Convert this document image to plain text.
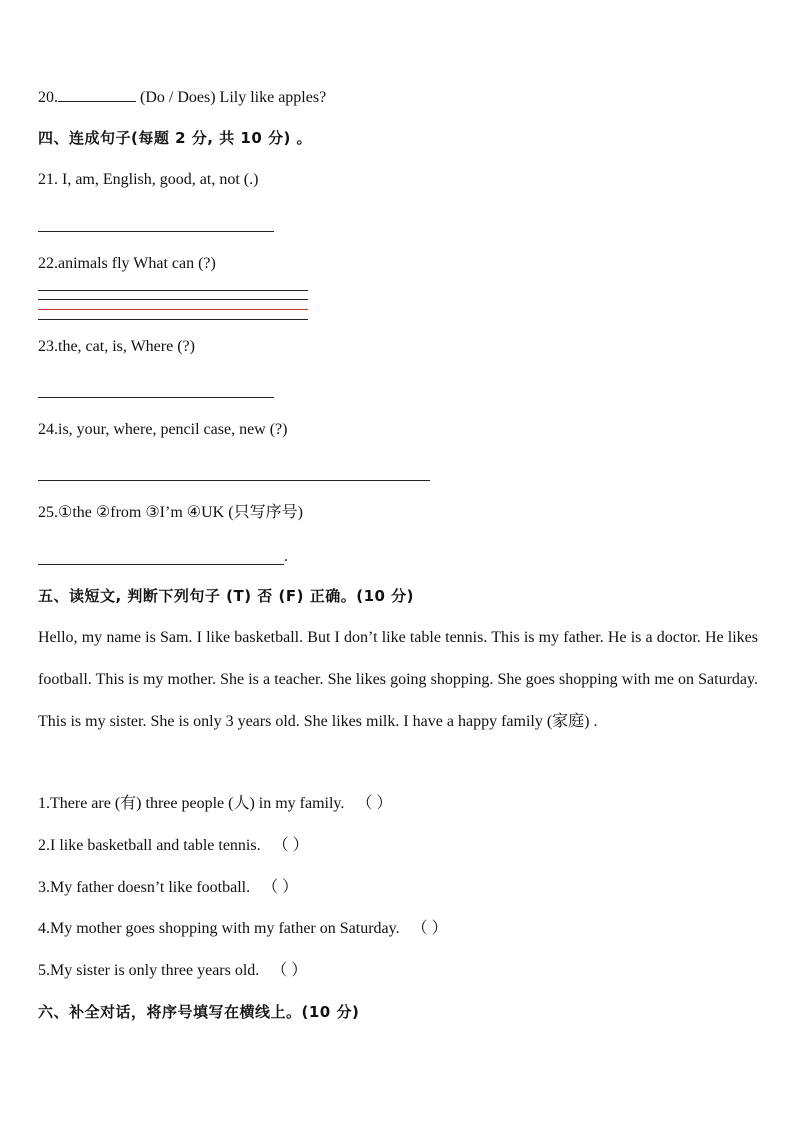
20.	(Do / Does) Lily like apples?
四、连成句子(每题 2 分, 共 10 分) 。
21. I, am, English, good, at, not (.)
22.animals fly What can (?)
23.the, cat, is, Where (?)
24.is, your, where, pencil case, new (?)
25.①the ②from ③I’m ④UK (只写序号)
.
五、读短文, 判断下列句子 (T) 否 (F) 正确。(10 分)
Hello, my name is Sam. I like basketball. But I don’t like table tennis. This is my father. He is a doctor. He likes football. This is my mother. She is a teacher. She likes going shopping. She goes shopping with me on Saturday. This is my sister. She is only 3 years old. She likes milk. I have a happy family (家庭) .
1.There are (有) three people (人) in my family. （ ）
2.I like basketball and table tennis. （ ）
3.My father doesn’t like football. （ ）
4.My mother goes shopping with my father on Saturday. （ ）
5.My sister is only three years old. （ ）
六、补全对话，将序号填写在横线上。(10 分)
